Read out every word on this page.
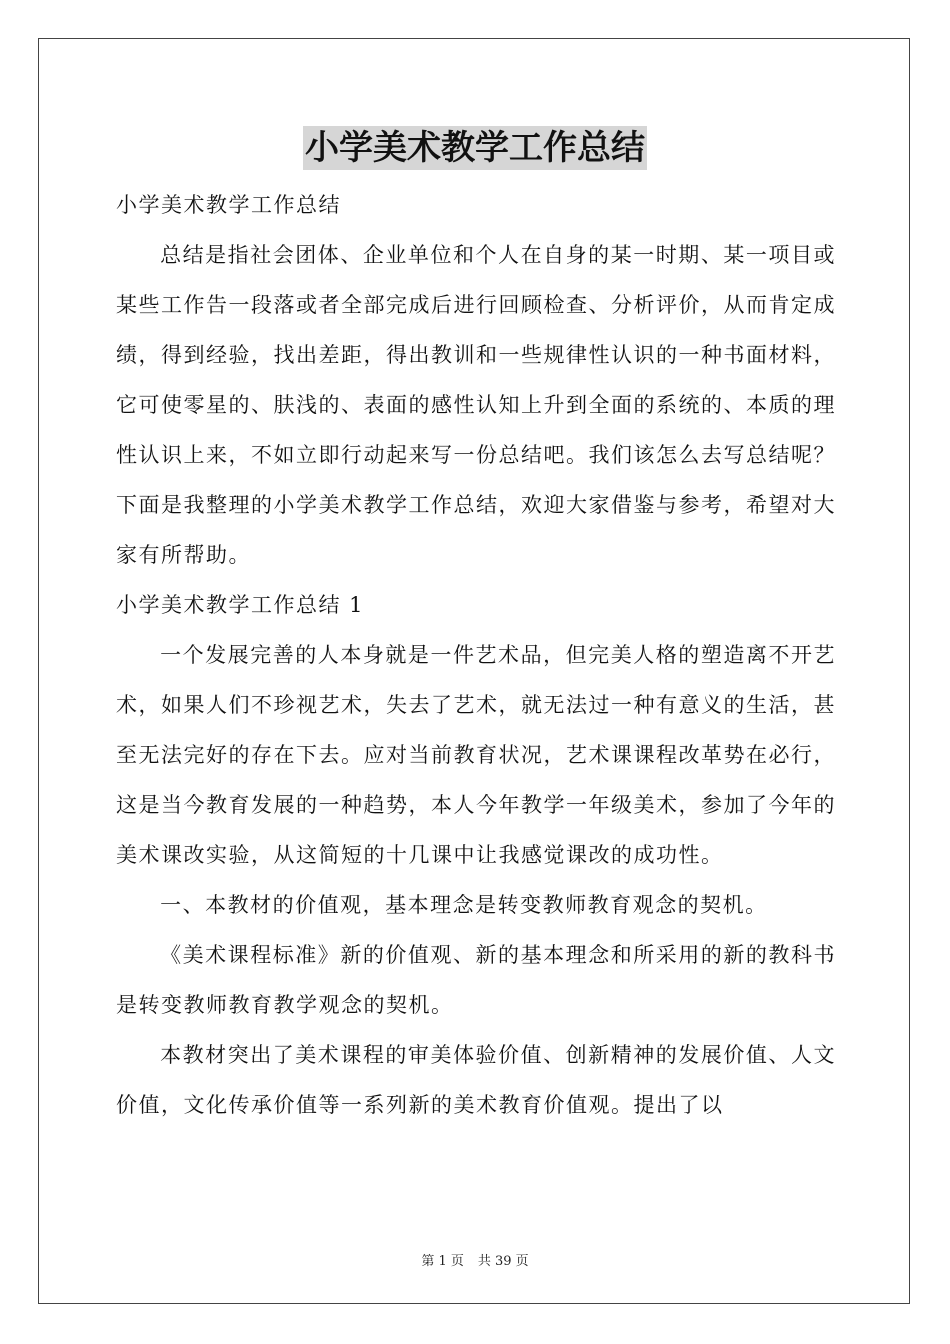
小学美术教学工作总结

小学美术教学工作总结

总结是指社会团体、企业单位和个人在自身的某一时期、某一项目或某些工作告一段落或者全部完成后进行回顾检查、分析评价，从而肯定成绩，得到经验，找出差距，得出教训和一些规律性认识的一种书面材料，它可使零星的、肤浅的、表面的感性认知上升到全面的系统的、本质的理性认识上来，不如立即行动起来写一份总结吧。我们该怎么去写总结呢？下面是我整理的小学美术教学工作总结，欢迎大家借鉴与参考，希望对大家有所帮助。

小学美术教学工作总结 1

一个发展完善的人本身就是一件艺术品，但完美人格的塑造离不开艺术，如果人们不珍视艺术，失去了艺术，就无法过一种有意义的生活，甚至无法完好的存在下去。应对当前教育状况，艺术课课程改革势在必行，这是当今教育发展的一种趋势，本人今年教学一年级美术，参加了今年的美术课改实验，从这简短的十几课中让我感觉课改的成功性。

一、本教材的价值观，基本理念是转变教师教育观念的契机。

《美术课程标准》新的价值观、新的基本理念和所采用的新的教科书是转变教师教育教学观念的契机。

本教材突出了美术课程的审美体验价值、创新精神的发展价值、人文价值，文化传承价值等一系列新的美术教育价值观。提出了以

第 1 页 共 39 页
